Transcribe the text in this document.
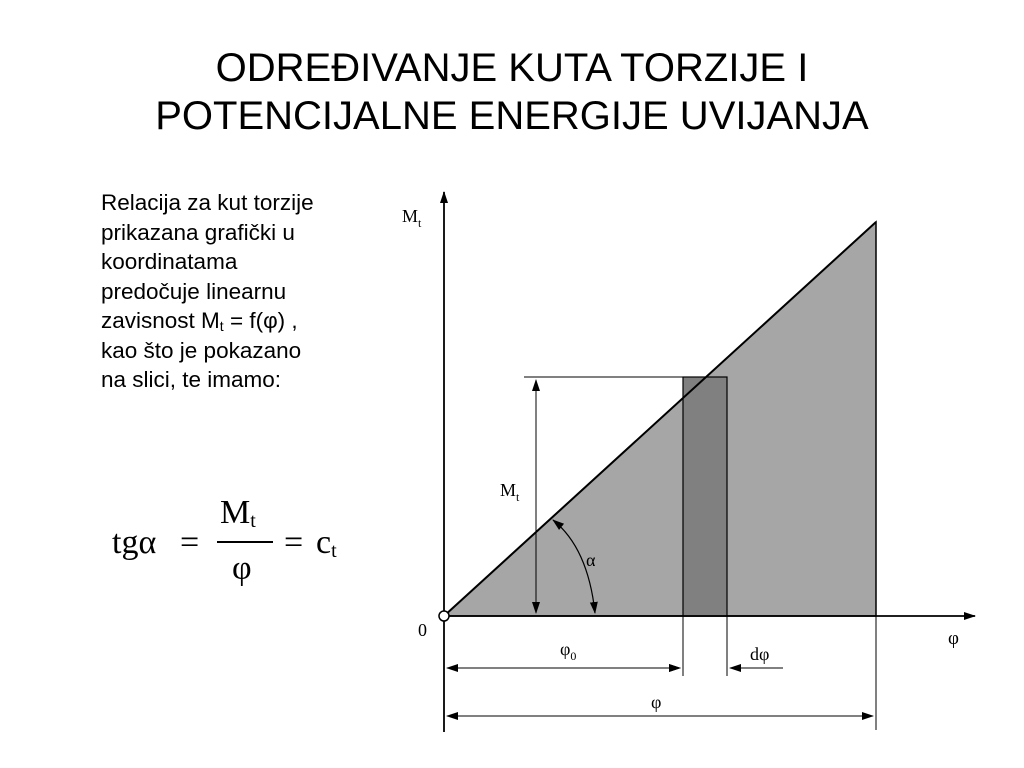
ODREĐIVANJE KUTA TORZIJE I
POTENCIJALNE ENERGIJE UVIJANJA
Relacija za kut torzije
prikazana grafički u
koordinatama
predočuje linearnu
zavisnost $M_t = f(\varphi)$ ,
kao što je pokazano
na slici, te imamo:
tgα =
$M_t$
φ
= $c_t$
$M_t$
φ
0
$M_t$
α
$\varphi_0$	dφ
φ
